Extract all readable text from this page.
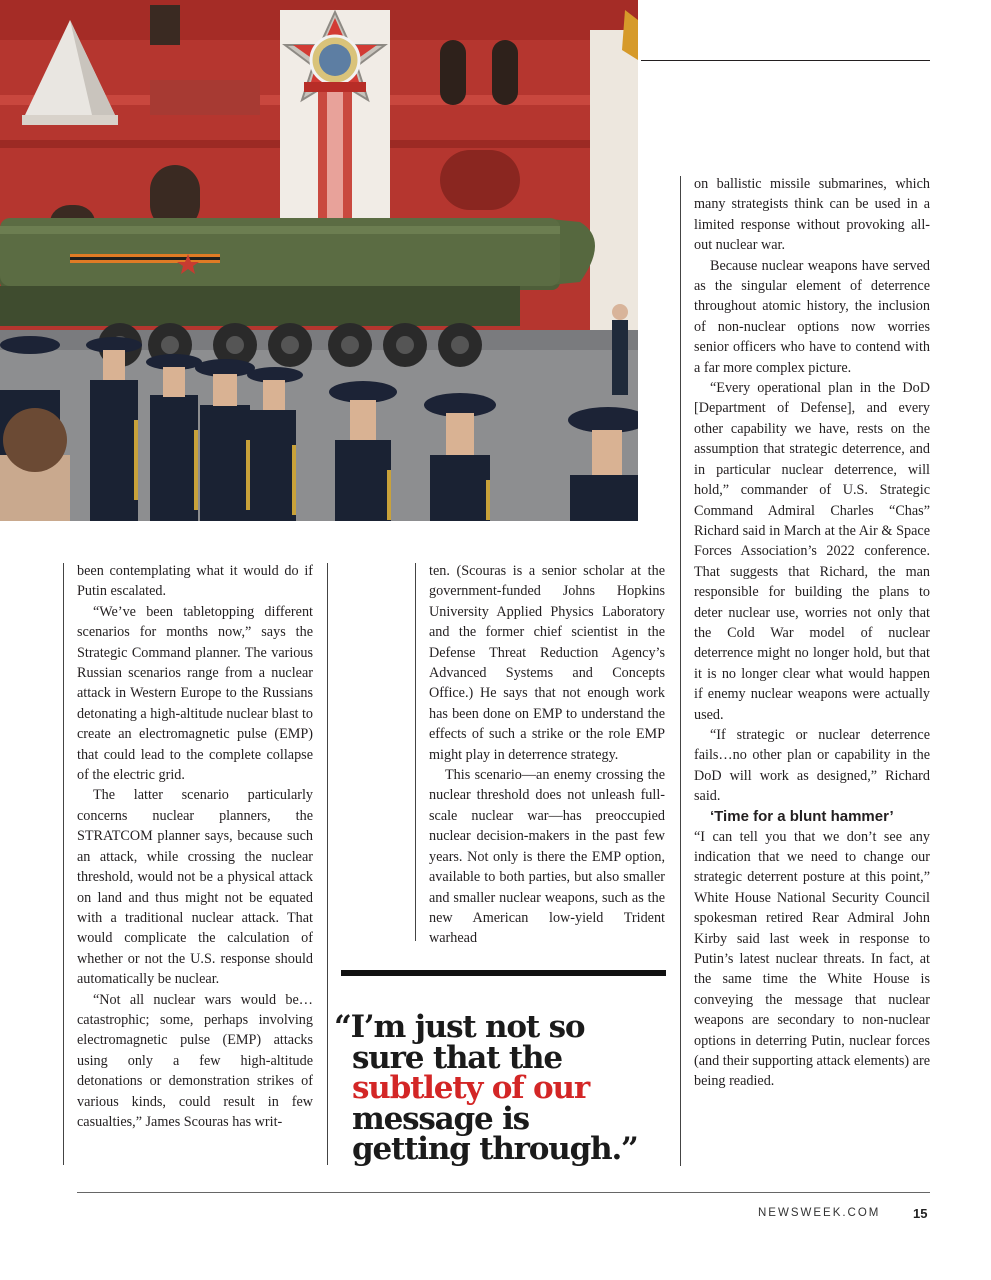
been contemplating what it would do if Putin escalated.

“We’ve been tabletopping different scenarios for months now,” says the Strategic Command planner. The various Russian scenarios range from a nuclear attack in Western Europe to the Russians detonating a high-altitude nuclear blast to create an electromagnetic pulse (EMP) that could lead to the complete collapse of the electric grid.

The latter scenario particularly concerns nuclear planners, the STRATCOM planner says, because such an attack, while crossing the nuclear threshold, would not be a physical attack on land and thus might not be equated with a traditional nuclear attack. That would complicate the calculation of whether or not the U.S. response should automatically be nuclear.

“Not all nuclear wars would be…catastrophic; some, perhaps involving electromagnetic pulse (EMP) attacks using only a few high-altitude detonations or demonstration strikes of various kinds, could result in few casualties,” James Scouras has writ-

ten. (Scouras is a senior scholar at the government-funded Johns Hopkins University Applied Physics Laboratory and the former chief scientist in the Defense Threat Reduction Agency’s Advanced Systems and Concepts Office.) He says that not enough work has been done on EMP to understand the effects of such a strike or the role EMP might play in deterrence strategy.

This scenario—an enemy crossing the nuclear threshold does not unleash full-scale nuclear war—has preoccupied nuclear decision-makers in the past few years. Not only is there the EMP option, available to both parties, but also smaller and smaller nuclear weapons, such as the new American low-yield Trident warhead

“I’m just not so
sure that the
subtlety of our
message is
getting through.”

on ballistic missile submarines, which many strategists think can be used in a limited response without provoking all-out nuclear war.

Because nuclear weapons have served as the singular element of deterrence throughout atomic history, the inclusion of non-nuclear options now worries senior officers who have to contend with a far more complex picture.

“Every operational plan in the DoD [Department of Defense], and every other capability we have, rests on the assumption that strategic deterrence, and in particular nuclear deterrence, will hold,” commander of U.S. Strategic Command Admiral Charles “Chas” Richard said in March at the Air & Space Forces Association’s 2022 conference. That suggests that Richard, the man responsible for building the plans to deter nuclear use, worries not only that the Cold War model of nuclear deterrence might no longer hold, but that it is no longer clear what would happen if enemy nuclear weapons were actually used.

“If strategic or nuclear deterrence fails…no other plan or capability in the DoD will work as designed,” Richard said.

‘Time for a blunt hammer’

“I can tell you that we don’t see any indication that we need to change our strategic deterrent posture at this point,” White House National Security Council spokesman retired Rear Admiral John Kirby said last week in response to Putin’s latest nuclear threats. In fact, at the same time the White House is conveying the message that nuclear weapons are secondary to non-nuclear options in deterring Putin, nuclear forces (and their supporting attack elements) are being readied.

NEWSWEEK.COM	15
